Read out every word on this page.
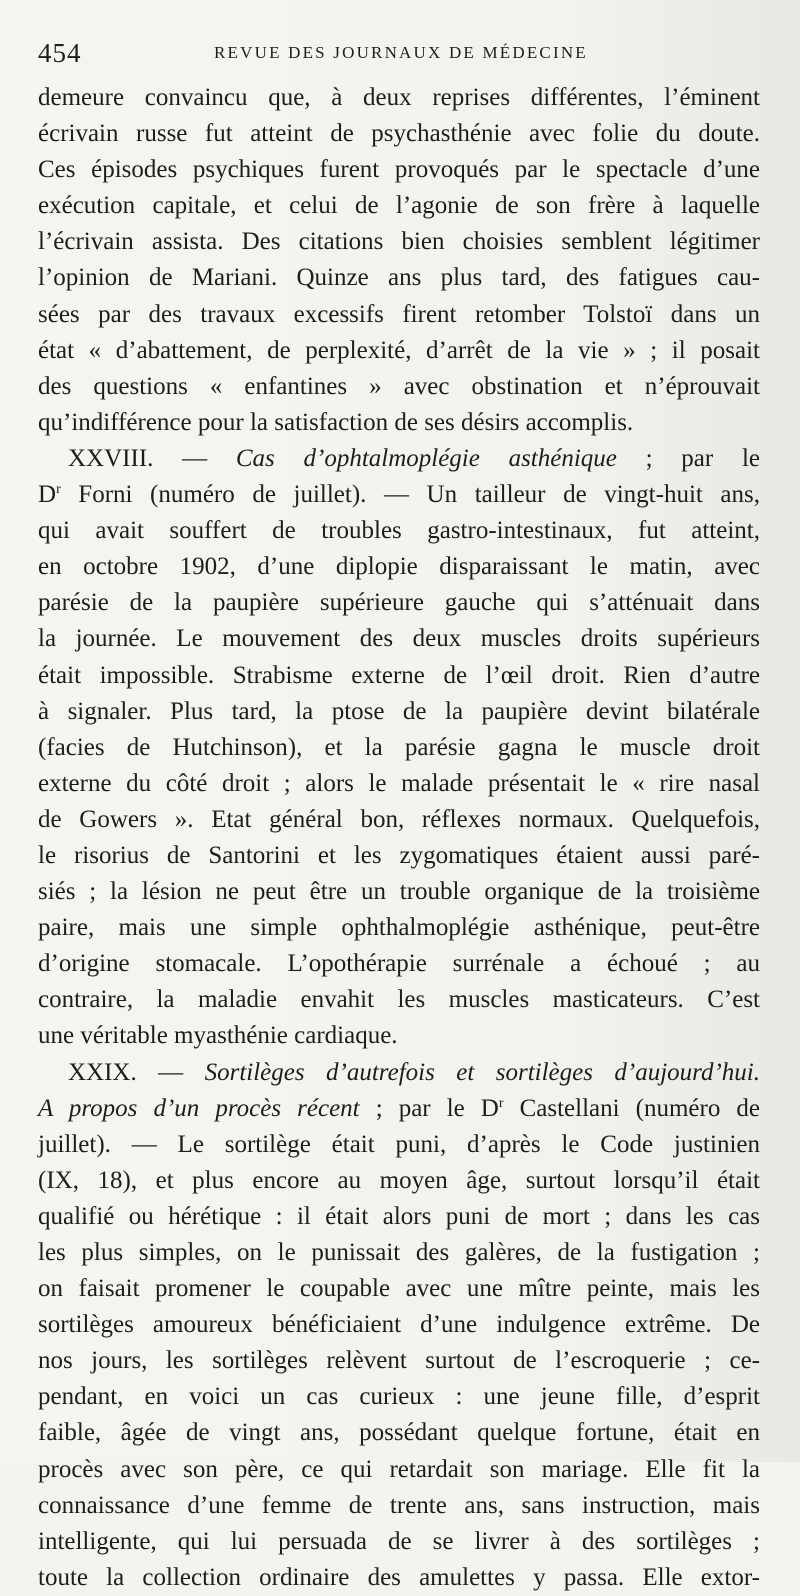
454	REVUE DES JOURNAUX DE MÉDECINE
demeure convaincu que, à deux reprises différentes, l’éminent
écrivain russe fut atteint de psychasthénie avec folie du doute.
Ces épisodes psychiques furent provoqués par le spectacle d’une
exécution capitale, et celui de l’agonie de son frère à laquelle
l’écrivain assista. Des citations bien choisies semblent légitimer
l’opinion de Mariani. Quinze ans plus tard, des fatigues cau-
sées par des travaux excessifs firent retomber Tolstoï dans un
état « d’abattement, de perplexité, d’arrêt de la vie » ; il posait
des questions « enfantines » avec obstination et n’éprouvait
qu’indifférence pour la satisfaction de ses désirs accomplis.
XXVIII. — Cas d’ophtalmoplégie asthénique ; par le
$D^r$ Forni (numéro de juillet). — Un tailleur de vingt-huit ans,
qui avait souffert de troubles gastro-intestinaux, fut atteint,
en octobre 1902, d’une diplopie disparaissant le matin, avec
parésie de la paupière supérieure gauche qui s’atténuait dans
la journée. Le mouvement des deux muscles droits supérieurs
était impossible. Strabisme externe de l’œil droit. Rien d’autre
à signaler. Plus tard, la ptose de la paupière devint bilatérale
(facies de Hutchinson), et la parésie gagna le muscle droit
externe du côté droit ; alors le malade présentait le « rire nasal
de Gowers ». Etat général bon, réflexes normaux. Quelquefois,
le risorius de Santorini et les zygomatiques étaient aussi paré-
siés ; la lésion ne peut être un trouble organique de la troisième
paire, mais une simple ophthalmoplégie asthénique, peut-être
d’origine stomacale. L’opothérapie surrénale a échoué ; au
contraire, la maladie envahit les muscles masticateurs. C’est
une véritable myasthénie cardiaque.
XXIX. — Sortilèges d’autrefois et sortilèges d’aujourd’hui.
A propos d’un procès récent ; par le $D^r$ Castellani (numéro de
juillet). — Le sortilège était puni, d’après le Code justinien
(IX, 18), et plus encore au moyen âge, surtout lorsqu’il était
qualifié ou hérétique : il était alors puni de mort ; dans les cas
les plus simples, on le punissait des galères, de la fustigation ;
on faisait promener le coupable avec une mître peinte, mais les
sortilèges amoureux bénéficiaient d’une indulgence extrême. De
nos jours, les sortilèges relèvent surtout de l’escroquerie ; ce-
pendant, en voici un cas curieux : une jeune fille, d’esprit
faible, âgée de vingt ans, possédant quelque fortune, était en
procès avec son père, ce qui retardait son mariage. Elle fit la
connaissance d’une femme de trente ans, sans instruction, mais
intelligente, qui lui persuada de se livrer à des sortilèges ;
toute la collection ordinaire des amulettes y passa. Elle extor-
